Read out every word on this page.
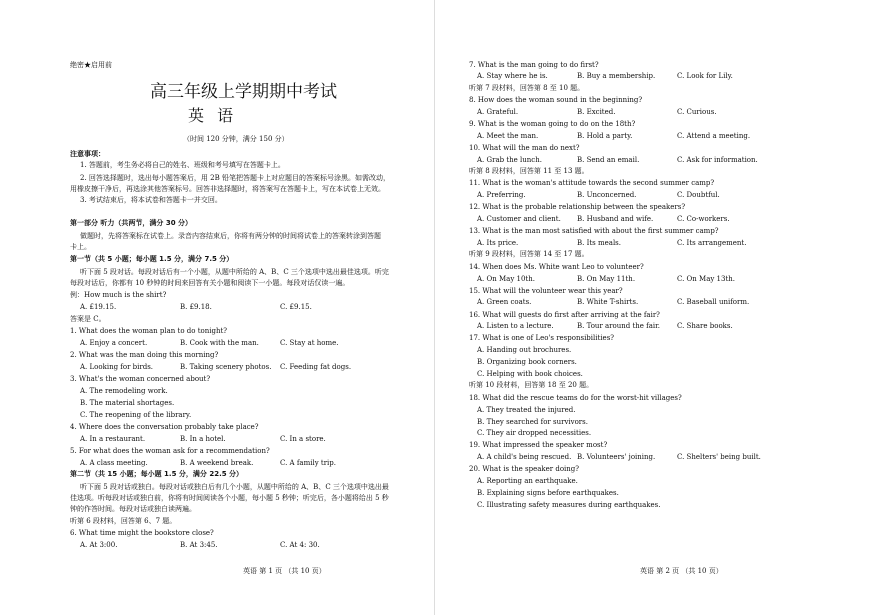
绝密★启用前
高三年级上学期期中考试
英 语
（时间 120 分钟，满分 150 分）
注意事项：
1. 答题前，考生务必将自己的姓名、班级和考号填写在答题卡上。
2. 回答选择题时，选出每小题答案后，用 2B 铅笔把答题卡上对应题目的答案标号涂黑。如需改动，
用橡皮擦干净后，再选涂其他答案标号。回答非选择题时，将答案写在答题卡上，写在本试卷上无效。
3. 考试结束后，将本试卷和答题卡一并交回。
第一部分 听力（共两节，满分 30 分）
做题时，先将答案标在试卷上。录音内容结束后，你将有两分钟的时间将试卷上的答案转涂到答题
卡上。
第一节（共 5 小题；每小题 1.5 分，满分 7.5 分）
听下面 5 段对话。每段对话后有一个小题，从题中所给的 A、B、C 三个选项中选出最佳选项。听完
每段对话后，你都有 10 秒钟的时间来回答有关小题和阅读下一小题。每段对话仅读一遍。
例：How much is the shirt?
A. £19.15.	B. £9.18.	C. £9.15.
答案是 C。
1. What does the woman plan to do tonight?
A. Enjoy a concert.	B. Cook with the man.	C. Stay at home.
2. What was the man doing this morning?
A. Looking for birds.	B. Taking scenery photos. C. Feeding fat dogs.
3. What's the woman concerned about?
A. The remodeling work.
B. The material shortages.
C. The reopening of the library.
4. Where does the conversation probably take place?
A. In a restaurant.	B. In a hotel.	C. In a store.
5. For what does the woman ask for a recommendation?
A. A class meeting.	B. A weekend break.	C. A family trip.
第二节（共 15 小题；每小题 1.5 分，满分 22.5 分）
听下面 5 段对话或独白。每段对话或独白后有几个小题，从题中所给的 A、B、C 三个选项中选出最
佳选项。听每段对话或独白前，你将有时间阅读各个小题，每小题 5 秒钟；听完后，各小题将给出 5 秒
钟的作答时间。每段对话或独白读两遍。
听第 6 段材料，回答第 6、7 题。
6. What time might the bookstore close?
A. At 3:00.	B. At 3:45.	C. At 4: 30.
英语 第 1 页 （共 10 页）
7. What is the man going to do first?
A. Stay where he is.	B. Buy a membership.	C. Look for Lily.
听第 7 段材料，回答第 8 至 10 题。
8. How does the woman sound in the beginning?
A. Grateful.	B. Excited.	C. Curious.
9. What is the woman going to do on the 18th?
A. Meet the man.	B. Hold a party.	C. Attend a meeting.
10. What will the man do next?
A. Grab the lunch.	B. Send an email.	C. Ask for information.
听第 8 段材料，回答第 11 至 13 题。
11. What is the woman's attitude towards the second summer camp?
A. Preferring.	B. Unconcerned.	C. Doubtful.
12. What is the probable relationship between the speakers?
A. Customer and client. B. Husband and wife.	C. Co-workers.
13. What is the man most satisfied with about the first summer camp?
A. Its price.	B. Its meals.	C. Its arrangement.
听第 9 段材料，回答第 14 至 17 题。
14. When does Ms. White want Leo to volunteer?
A. On May 10th.	B. On May 11th.	C. On May 13th.
15. What will the volunteer wear this year?
A. Green coats.	B. White T-shirts.	C. Baseball uniform.
16. What will guests do first after arriving at the fair?
A. Listen to a lecture.	B. Tour around the fair. C. Share books.
17. What is one of Leo's responsibilities?
A. Handing out brochures.
B. Organizing book corners.
C. Helping with book choices.
听第 10 段材料，回答第 18 至 20 题。
18. What did the rescue teams do for the worst-hit villages?
A. They treated the injured.
B. They searched for survivors.
C. They air dropped necessities.
19. What impressed the speaker most?
A. A child's being rescued. B. Volunteers' joining.	C. Shelters' being built.
20. What is the speaker doing?
A. Reporting an earthquake.
B. Explaining signs before earthquakes.
C. Illustrating safety measures during earthquakes.
英语 第 2 页 （共 10 页）
